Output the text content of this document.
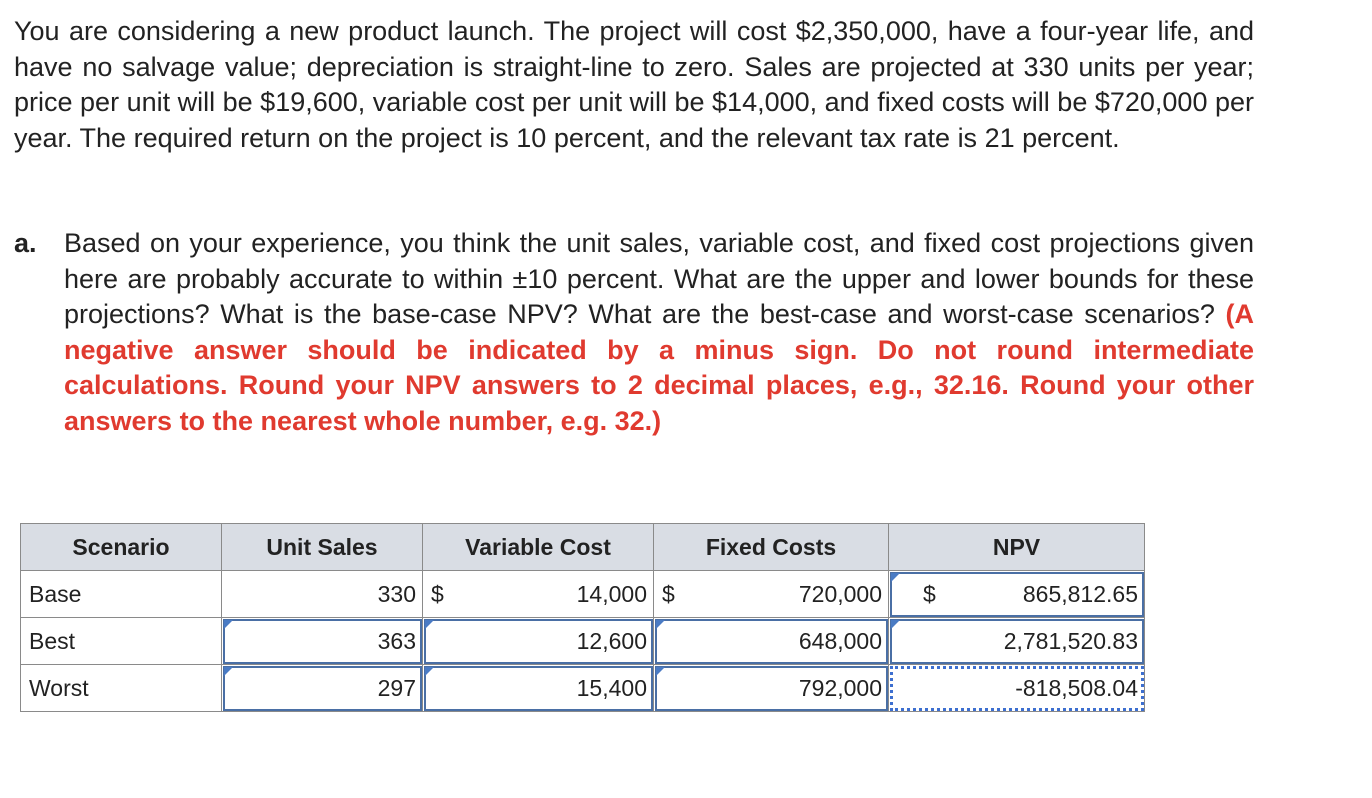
You are considering a new product launch. The project will cost $2,350,000, have a four-year life, and have no salvage value; depreciation is straight-line to zero. Sales are projected at 330 units per year; price per unit will be $19,600, variable cost per unit will be $14,000, and fixed costs will be $720,000 per year. The required return on the project is 10 percent, and the relevant tax rate is 21 percent.
a. Based on your experience, you think the unit sales, variable cost, and fixed cost projections given here are probably accurate to within ±10 percent. What are the upper and lower bounds for these projections? What is the base-case NPV? What are the best-case and worst-case scenarios? (A negative answer should be indicated by a minus sign. Do not round intermediate calculations. Round your NPV answers to 2 decimal places, e.g., 32.16. Round your other answers to the nearest whole number, e.g. 32.)
Scenario	Unit Sales	Variable Cost	Fixed Costs	NPV
Base	330	$ 14,000	$ 720,000	$ 865,812.65

Best	363	12,600	648,000	2,781,520.83
Worst	297	15,400	792,000	-818,508.04
